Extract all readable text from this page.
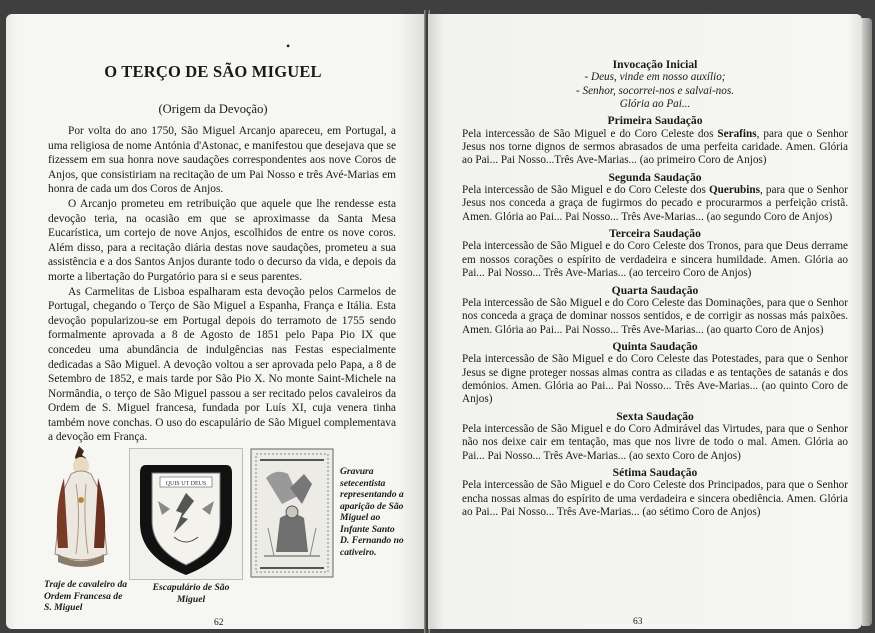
•
O TERÇO DE SÃO MIGUEL
(Origem da Devoção)

Por volta do ano 1750, São Miguel Arcanjo apareceu, em Portugal, a uma religiosa de nome Antónia d'Astonac, e manifestou que desejava que se fizessem em sua honra nove saudações correspondentes aos nove Coros de Anjos, que consistiriam na recitação de um Pai Nosso e três Avé-Marias em honra de cada um dos Coros de Anjos.

O Arcanjo prometeu em retribuição que aquele que lhe rendesse esta devoção teria, na ocasião em que se aproximasse da Santa Mesa Eucarística, um cortejo de nove Anjos, escolhidos de entre os nove coros. Além disso, para a recitação diária destas nove saudações, prometeu a sua assistência e a dos Santos Anjos durante todo o decurso da vida, e depois da morte a libertação do Purgatório para si e seus parentes.

As Carmelitas de Lisboa espalharam esta devoção pelos Carmelos de Portugal, chegando o Terço de São Miguel a Espanha, França e Itália. Esta devoção popularizou-se em Portugal depois do terramoto de 1755 sendo formalmente aprovada a 8 de Agosto de 1851 pelo Papa Pio IX que concedeu uma abundância de indulgências nas Festas especialmente dedicadas a São Miguel. A devoção voltou a ser aprovada pelo Papa, a 8 de Setembro de 1852, e mais tarde por São Pio X. No monte Saint-Michele na Normândia, o terço de São Miguel passou a ser recitado pelos cavaleiros da Ordem de S. Miguel francesa, fundada por Luís XI, cuja venera tinha também nove conchas. O uso do escapulário de São Miguel complementava a devoção em França.

QUIS UT DEUS
Traje de cavaleiro da Ordem Francesa de S. Miguel
Escapulário de São Miguel
Gravura setecentista representando a aparição de São Miguel ao Infante Santo D. Fernando no cativeiro.
62
Invocação Inicial
- Deus, vinde em nosso auxílio;
- Senhor, socorrei-nos e salvai-nos.
Glória ao Pai...
Primeira Saudação

Pela intercessão de São Miguel e do Coro Celeste dos Serafins, para que o Senhor Jesus nos torne dignos de sermos abrasados de uma perfeita caridade. Amen. Glória ao Pai... Pai Nosso...Três Ave-Marias... (ao primeiro Coro de Anjos)

Segunda Saudação

Pela intercessão de São Miguel e do Coro Celeste dos Querubins, para que o Senhor Jesus nos conceda a graça de fugirmos do pecado e procurarmos a perfeição cristã. Amen. Glória ao Pai... Pai Nosso... Três Ave-Marias... (ao segundo Coro de Anjos)

Terceira Saudação

Pela intercessão de São Miguel e do Coro Celeste dos Tronos, para que Deus derrame em nossos corações o espírito de verdadeira e sincera humildade. Amen. Glória ao Pai... Pai Nosso... Três Ave-Marias... (ao terceiro Coro de Anjos)

Quarta Saudação

Pela intercessão de São Miguel e do Coro Celeste das Dominações, para que o Senhor nos conceda a graça de dominar nossos sentidos, e de corrigir as nossas más paixões. Amen. Glória ao Pai... Pai Nosso... Três Ave-Marias... (ao quarto Coro de Anjos)

Quinta Saudação

Pela intercessão de São Miguel e do Coro Celeste das Potestades, para que o Senhor Jesus se digne proteger nossas almas contra as ciladas e as tentações de satanás e dos demónios. Amen. Glória ao Pai... Pai Nosso... Três Ave-Marias... (ao quinto Coro de Anjos)

Sexta Saudação

Pela intercessão de São Miguel e do Coro Admirável das Virtudes, para que o Senhor não nos deixe cair em tentação, mas que nos livre de todo o mal. Amen. Glória ao Pai... Pai Nosso... Três Ave-Marias... (ao sexto Coro de Anjos)

Sétima Saudação

Pela intercessão de São Miguel e do Coro Celeste dos Principados, para que o Senhor encha nossas almas do espírito de uma verdadeira e sincera obediência. Amen. Glória ao Pai... Pai Nosso... Três Ave-Marias... (ao sétimo Coro de Anjos)

63
